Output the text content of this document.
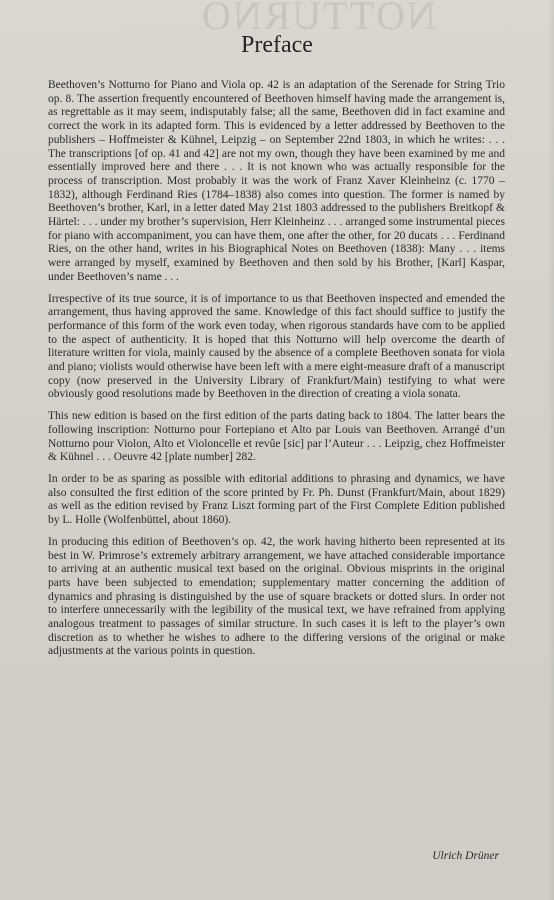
NOTTURNO
Preface

Beethoven’s Notturno for Piano and Viola op. 42 is an adaptation of the Serenade for String Trio op. 8. The assertion frequently encountered of Beethoven himself having made the arrangement is, as regrettable as it may seem, indisputably false; all the same, Beethoven did in fact examine and correct the work in its adapted form. This is evidenced by a letter addressed by Beethoven to the publishers – Hoffmeister & Kühnel, Leipzig – on September 22nd 1803, in which he writes: . . . The transcriptions [of op. 41 and 42] are not my own, though they have been examined by me and essentially improved here and there . . . It is not known who was actually responsible for the process of transcription. Most probably it was the work of Franz Xaver Kleinheinz (c. 1770 – 1832), although Ferdinand Ries (1784–1838) also comes into question. The former is named by Beethoven’s brother, Karl, in a letter dated May 21st 1803 addressed to the publishers Breitkopf & Härtel: . . . under my brother’s supervision, Herr Kleinheinz . . . arranged some instrumental pieces for piano with accompaniment, you can have them, one after the other, for 20 ducats . . . Ferdinand Ries, on the other hand, writes in his Biographical Notes on Beethoven (1838): Many . . . items were arranged by myself, examined by Beethoven and then sold by his Brother, [Karl] Kaspar, under Beethoven’s name . . .

Irrespective of its true source, it is of importance to us that Beethoven inspected and emended the arrangement, thus having approved the same. Knowledge of this fact should suffice to justify the performance of this form of the work even today, when rigorous standards have com to be applied to the aspect of authenticity. It is hoped that this Notturno will help overcome the dearth of literature written for viola, mainly caused by the absence of a complete Beethoven sonata for viola and piano; violists would otherwise have been left with a mere eight-measure draft of a manuscript copy (now preserved in the University Library of Frankfurt/Main) testifying to what were obviously good resolutions made by Beethoven in the direction of creating a viola sonata.

This new edition is based on the first edition of the parts dating back to 1804. The latter bears the following inscription: Notturno pour Fortepiano et Alto par Louis van Beethoven. Arrangé d’un Notturno pour Violon, Alto et Violoncelle et revûe [sic] par l’Auteur . . . Leipzig, chez Hoffmeister & Kühnel . . . Oeuvre 42 [plate number] 282.

In order to be as sparing as possible with editorial additions to phrasing and dynamics, we have also consulted the first edition of the score printed by Fr. Ph. Dunst (Frankfurt/Main, about 1829) as well as the edition revised by Franz Liszt forming part of the First Complete Edition published by L. Holle (Wolfenbüttel, about 1860).

In producing this edition of Beethoven’s op. 42, the work having hitherto been represented at its best in W. Primrose’s extremely arbitrary arrangement, we have attached considerable importance to arriving at an authentic musical text based on the original. Obvious misprints in the original parts have been subjected to emendation; supplementary matter concerning the addition of dynamics and phrasing is distinguished by the use of square brackets or dotted slurs. In order not to interfere unnecessarily with the legibility of the musical text, we have refrained from applying analogous treatment to passages of similar structure. In such cases it is left to the player’s own discretion as to whether he wishes to adhere to the differing versions of the original or make adjustments at the various points in question.

Ulrich Drüner
